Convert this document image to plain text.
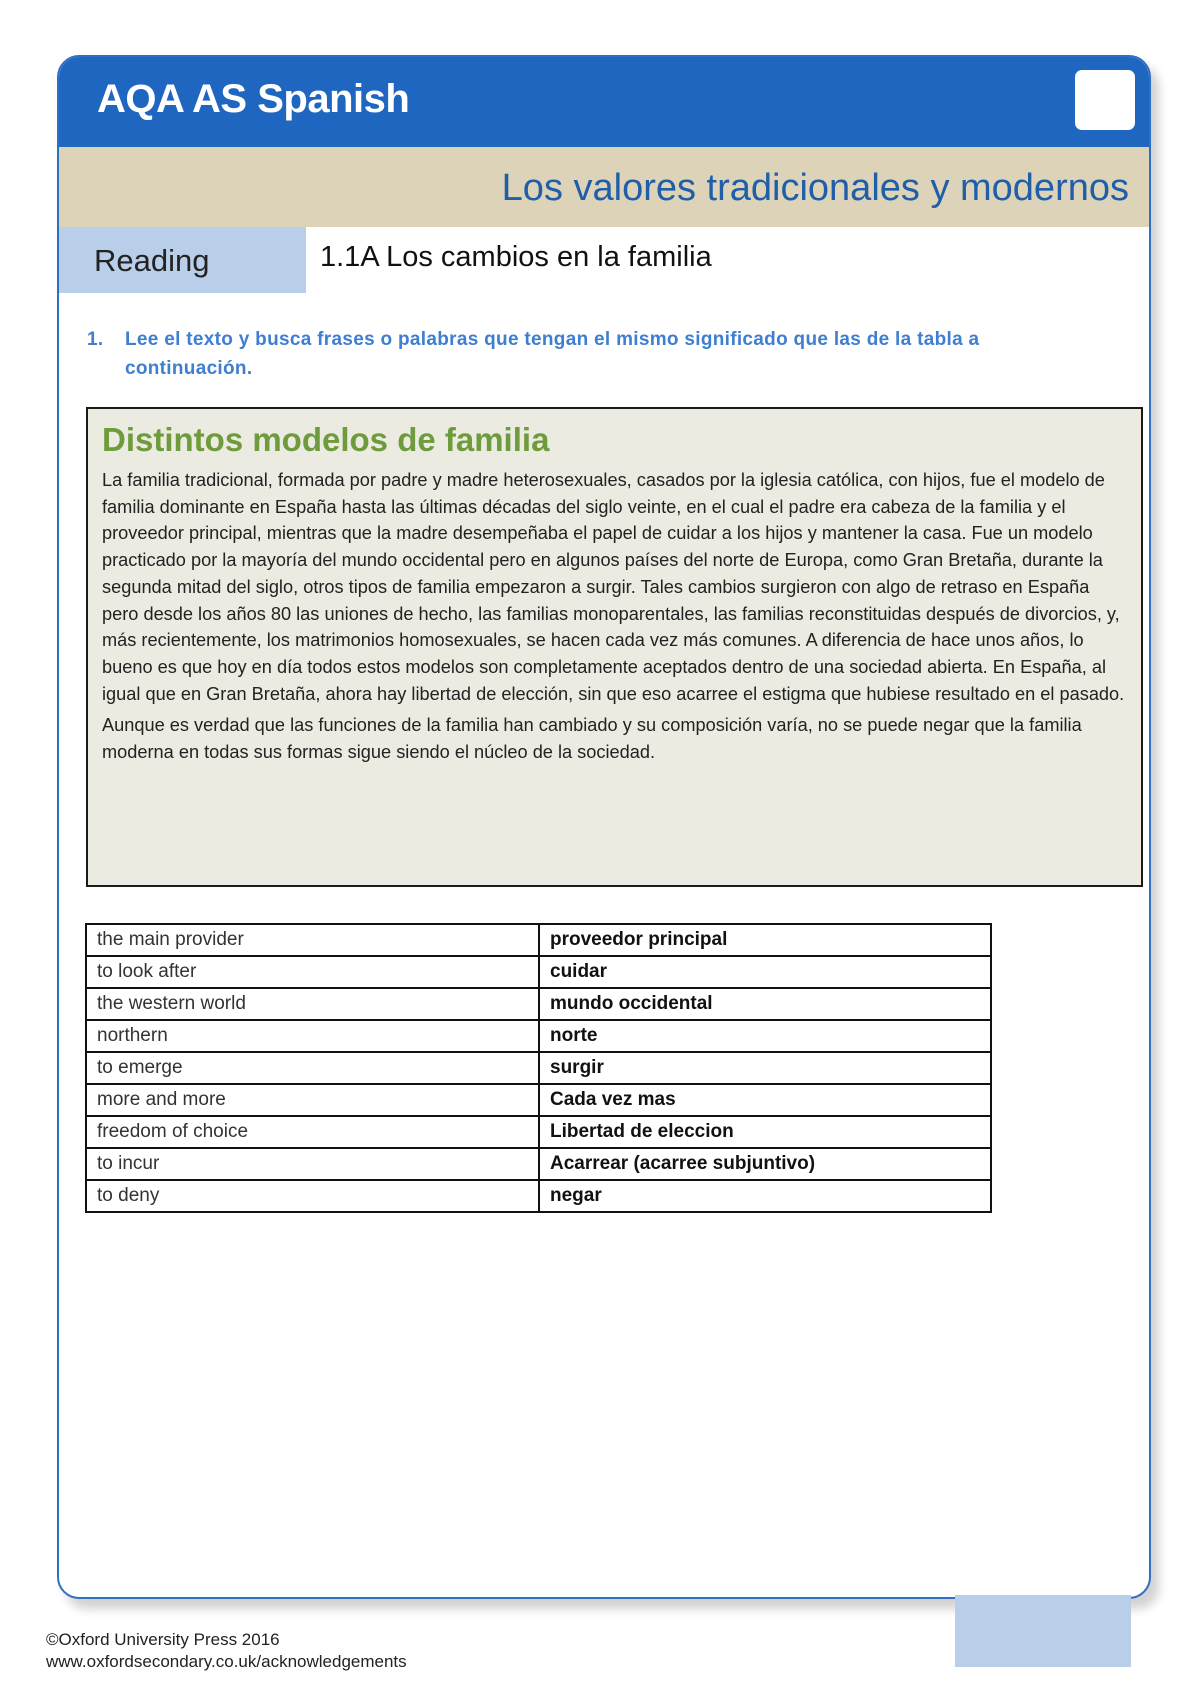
AQA AS Spanish
Los valores tradicionales y modernos
Reading	1.1A Los cambios en la familia
1.	Lee el texto y busca frases o palabras que tengan el mismo significado que las de la tabla a continuación.
Distintos modelos de familia

La familia tradicional, formada por padre y madre heterosexuales, casados por la iglesia católica, con hijos, fue el modelo de familia dominante en España hasta las últimas décadas del siglo veinte, en el cual el padre era cabeza de la familia y el proveedor principal, mientras que la madre desempeñaba el papel de cuidar a los hijos y mantener la casa. Fue un modelo practicado por la mayoría del mundo occidental pero en algunos países del norte de Europa, como Gran Bretaña, durante la segunda mitad del siglo, otros tipos de familia empezaron a surgir. Tales cambios surgieron con algo de retraso en España pero desde los años 80 las uniones de hecho, las familias monoparentales, las familias reconstituidas después de divorcios, y, más recientemente, los matrimonios homosexuales, se hacen cada vez más comunes. A diferencia de hace unos años, lo bueno es que hoy en día todos estos modelos son completamente aceptados dentro de una sociedad abierta. En España, al igual que en Gran Bretaña, ahora hay libertad de elección, sin que eso acarree el estigma que hubiese resultado en el pasado.

Aunque es verdad que las funciones de la familia han cambiado y su composición varía, no se puede negar que la familia moderna en todas sus formas sigue siendo el núcleo de la sociedad.

the main provider	proveedor principal
to look after	cuidar
the western world	mundo occidental
northern	norte
to emerge	surgir
more and more	Cada vez mas
freedom of choice	Libertad de eleccion
to incur	Acarrear (acarree subjuntivo)
to deny	negar
©Oxford University Press 2016
www.oxfordsecondary.co.uk/acknowledgements
